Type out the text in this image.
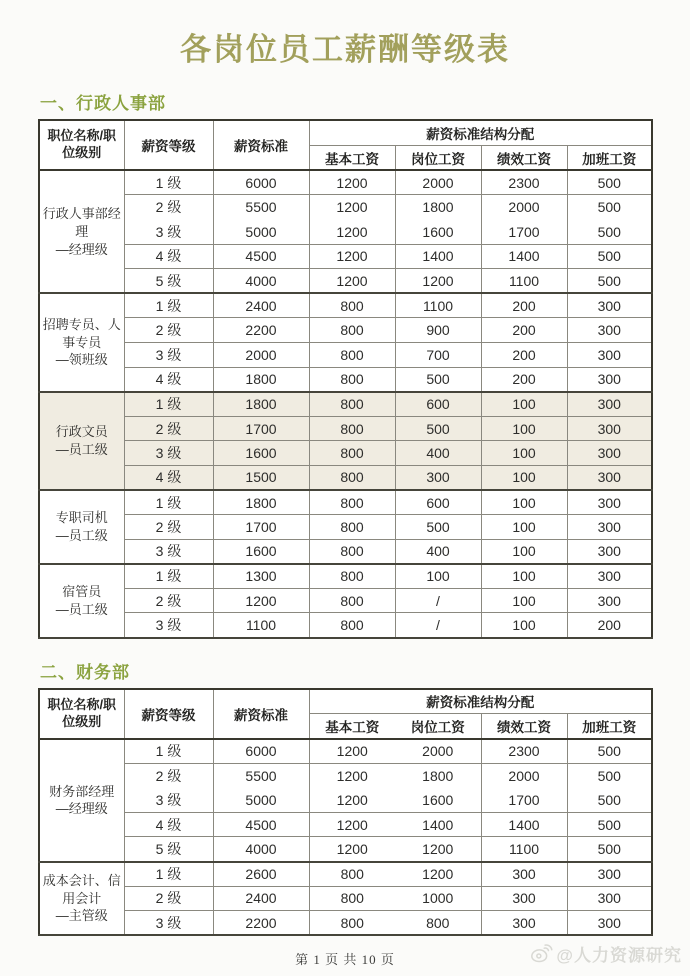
各岗位员工薪酬等级表
一、行政人事部
职位名称/职位级别	薪资等级	薪资标准	薪资标准结构分配			
			基本工资	岗位工资	绩效工资	加班工资

行政人事部经理
—经理级	1 级	6000	1200	2000	2300	500
	2 级	5500	1200	1800	2000	500
	3 级	5000	1200	1600	1700	500
	4 级	4500	1200	1400	1400	500
	5 级	4000	1200	1200	1100	500

招聘专员、人事专员
—领班级	1 级	2400	800	1100	200	300
	2 级	2200	800	900	200	300
	3 级	2000	800	700	200	300
	4 级	1800	800	500	200	300

行政文员
—员工级	1 级	1800	800	600	100	300
	2 级	1700	800	500	100	300
	3 级	1600	800	400	100	300
	4 级	1500	800	300	100	300

专职司机
—员工级	1 级	1800	800	600	100	300
	2 级	1700	800	500	100	300
	3 级	1600	800	400	100	300

宿管员
—员工级	1 级	1300	800	100	100	300
	2 级	1200	800	/	100	300
	3 级	1100	800	/	100	200
二、财务部
职位名称/职位级别	薪资等级	薪资标准	薪资标准结构分配			
			基本工资	岗位工资	绩效工资	加班工资

财务部经理
—经理级	1 级	6000	1200	2000	2300	500
	2 级	5500	1200	1800	2000	500
	3 级	5000	1200	1600	1700	500
	4 级	4500	1200	1400	1400	500
	5 级	4000	1200	1200	1100	500

成本会计、信用会计
—主管级	1 级	2600	800	1200	300	300
	2 级	2400	800	1000	300	300
	3 级	2200	800	800	300	300
第 1 页 共 10 页	@人力资源研究
